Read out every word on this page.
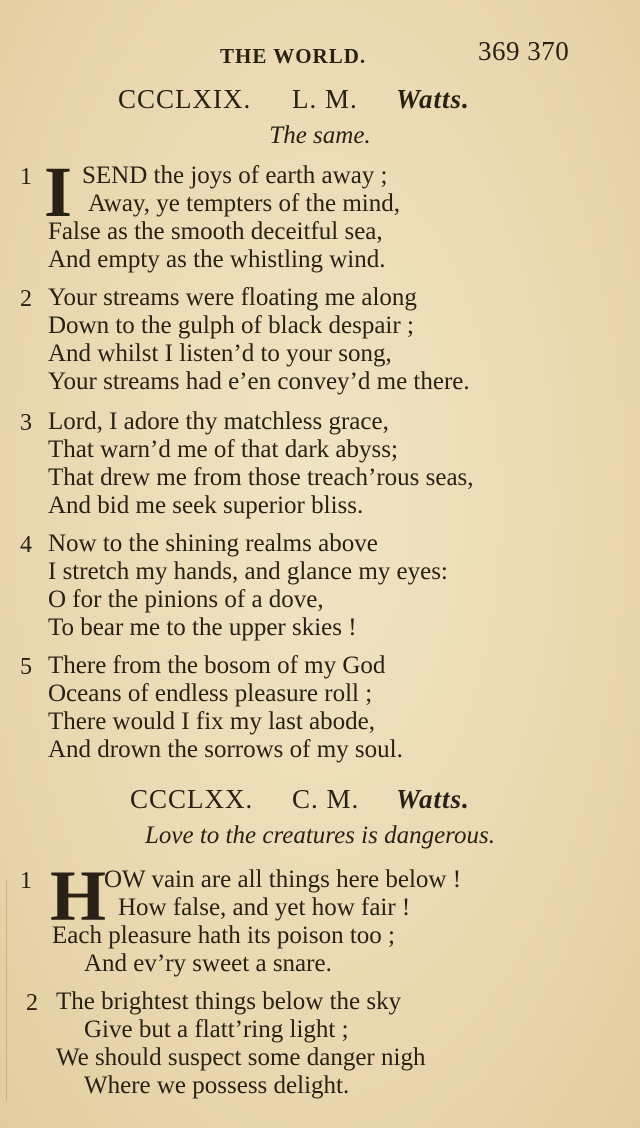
THE WORLD.	369 370
CCCLXIX. L. M. Watts.
The same.
1 I SEND the joys of earth away ;
Away, ye tempters of the mind,
False as the smooth deceitful sea,
And empty as the whistling wind.
2 Your streams were floating me along
Down to the gulph of black despair ;
And whilst I listen’d to your song,
Your streams had e’en convey’d me there.
3 Lord, I adore thy matchless grace,
That warn’d me of that dark abyss;
That drew me from those treach’rous seas,
And bid me seek superior bliss.
4 Now to the shining realms above
I stretch my hands, and glance my eyes:
O for the pinions of a dove,
To bear me to the upper skies !
5 There from the bosom of my God
Oceans of endless pleasure roll ;
There would I fix my last abode,
And drown the sorrows of my soul.
CCCLXX. C. M. Watts.
Love to the creatures is dangerous.
1 H
OW vain are all things here below !
How false, and yet how fair !
Each pleasure hath its poison too ;
And ev’ry sweet a snare.
2 The brightest things below the sky
Give but a flatt’ring light ;
We should suspect some danger nigh
Where we possess delight.
